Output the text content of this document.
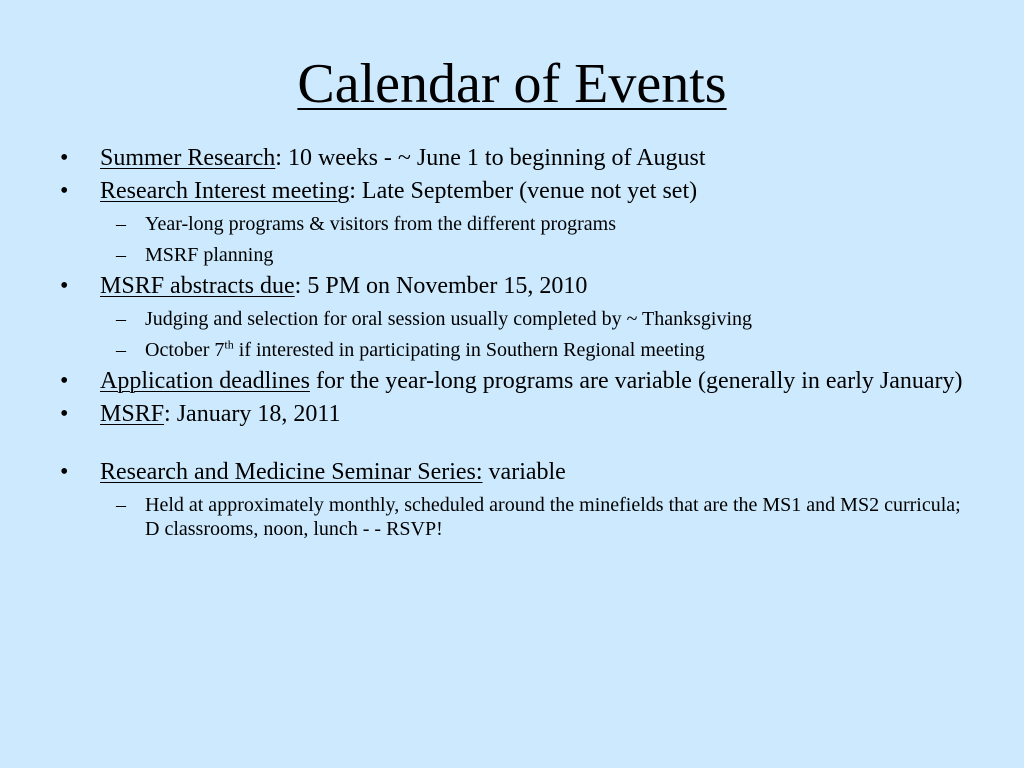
Calendar of Events
• Summer Research: 10 weeks - ~ June 1 to beginning of August
• Research Interest meeting: Late September (venue not yet set)
– Year-long programs & visitors from the different programs
– MSRF planning
• MSRF abstracts due: 5 PM on November 15, 2010
– Judging and selection for oral session usually completed by ~ Thanksgiving
– October 7th if interested in participating in Southern Regional meeting
• Application deadlines for the year-long programs are variable (generally in early January)
• MSRF: January 18, 2011
• Research and Medicine Seminar Series: variable
– Held at approximately monthly, scheduled around the minefields that are the MS1 and MS2 curricula; D classrooms, noon, lunch - - RSVP!
